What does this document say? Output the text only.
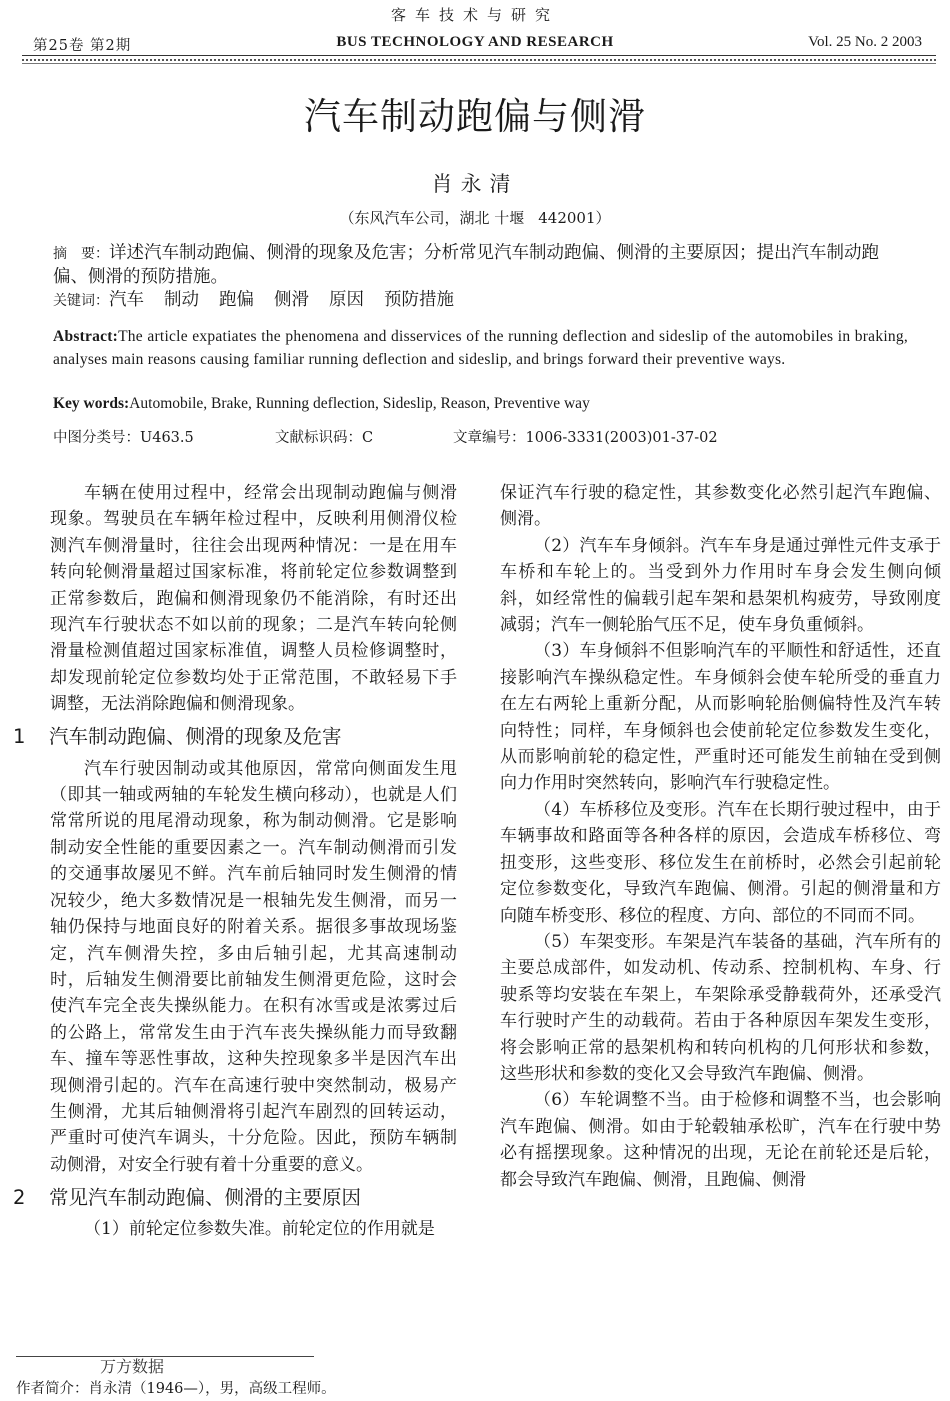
客车技术与研究
第25卷 第2期	BUS TECHNOLOGY AND RESEARCH	Vol. 25 No. 2 2003
汽车制动跑偏与侧滑
肖永清
（东风汽车公司，湖北 十堰 442001）
摘　要：详述汽车制动跑偏、侧滑的现象及危害；分析常见汽车制动跑偏、侧滑的主要原因；提出汽车制动跑偏、侧滑的预防措施。
关键词：汽车 制动 跑偏 侧滑 原因 预防措施
Abstract:The article expatiates the phenomena and disservices of the running deflection and sideslip of the automobiles in braking, analyses main reasons causing familiar running deflection and sideslip, and brings forward their preventive ways.
Key words:Automobile, Brake, Running deflection, Sideslip, Reason, Preventive way
中图分类号：U463.5	文献标识码：C	文章编号：1006-3331(2003)01-37-02

车辆在使用过程中，经常会出现制动跑偏与侧滑现象。驾驶员在车辆年检过程中，反映利用侧滑仪检测汽车侧滑量时，往往会出现两种情况：一是在用车转向轮侧滑量超过国家标准，将前轮定位参数调整到正常参数后，跑偏和侧滑现象仍不能消除，有时还出现汽车行驶状态不如以前的现象；二是汽车转向轮侧滑量检测值超过国家标准值，调整人员检修调整时，却发现前轮定位参数均处于正常范围，不敢轻易下手调整，无法消除跑偏和侧滑现象。

1 汽车制动跑偏、侧滑的现象及危害

汽车行驶因制动或其他原因，常常向侧面发生甩（即其一轴或两轴的车轮发生横向移动），也就是人们常常所说的甩尾滑动现象，称为制动侧滑。它是影响制动安全性能的重要因素之一。汽车制动侧滑而引发的交通事故屡见不鲜。汽车前后轴同时发生侧滑的情况较少，绝大多数情况是一根轴先发生侧滑，而另一轴仍保持与地面良好的附着关系。据很多事故现场鉴定，汽车侧滑失控，多由后轴引起，尤其高速制动时，后轴发生侧滑要比前轴发生侧滑更危险，这时会使汽车完全丧失操纵能力。在积有冰雪或是浓雾过后的公路上，常常发生由于汽车丧失操纵能力而导致翻车、撞车等恶性事故，这种失控现象多半是因汽车出现侧滑引起的。汽车在高速行驶中突然制动，极易产生侧滑，尤其后轴侧滑将引起汽车剧烈的回转运动，严重时可使汽车调头，十分危险。因此，预防车辆制动侧滑，对安全行驶有着十分重要的意义。

2 常见汽车制动跑偏、侧滑的主要原因

（1）前轮定位参数失准。前轮定位的作用就是

保证汽车行驶的稳定性，其参数变化必然引起汽车跑偏、侧滑。

（2）汽车车身倾斜。汽车车身是通过弹性元件支承于车桥和车轮上的。当受到外力作用时车身会发生侧向倾斜，如经常性的偏载引起车架和悬架机构疲劳，导致刚度减弱；汽车一侧轮胎气压不足，使车身负重倾斜。

（3）车身倾斜不但影响汽车的平顺性和舒适性，还直接影响汽车操纵稳定性。车身倾斜会使车轮所受的垂直力在左右两轮上重新分配，从而影响轮胎侧偏特性及汽车转向特性；同样，车身倾斜也会使前轮定位参数发生变化，从而影响前轮的稳定性，严重时还可能发生前轴在受到侧向力作用时突然转向，影响汽车行驶稳定性。

（4）车桥移位及变形。汽车在长期行驶过程中，由于车辆事故和路面等各种各样的原因，会造成车桥移位、弯扭变形，这些变形、移位发生在前桥时，必然会引起前轮定位参数变化，导致汽车跑偏、侧滑。引起的侧滑量和方向随车桥变形、移位的程度、方向、部位的不同而不同。

（5）车架变形。车架是汽车装备的基础，汽车所有的主要总成部件，如发动机、传动系、控制机构、车身、行驶系等均安装在车架上，车架除承受静载荷外，还承受汽车行驶时产生的动载荷。若由于各种原因车架发生变形，将会影响正常的悬架机构和转向机构的几何形状和参数，这些形状和参数的变化又会导致汽车跑偏、侧滑。

（6）车轮调整不当。由于检修和调整不当，也会影响汽车跑偏、侧滑。如由于轮毂轴承松旷，汽车在行驶中势必有摇摆现象。这种情况的出现，无论在前轮还是后轮，都会导致汽车跑偏、侧滑，且跑偏、侧滑

万方数据
作者简介：肖永清（1946—），男，高级工程师。
